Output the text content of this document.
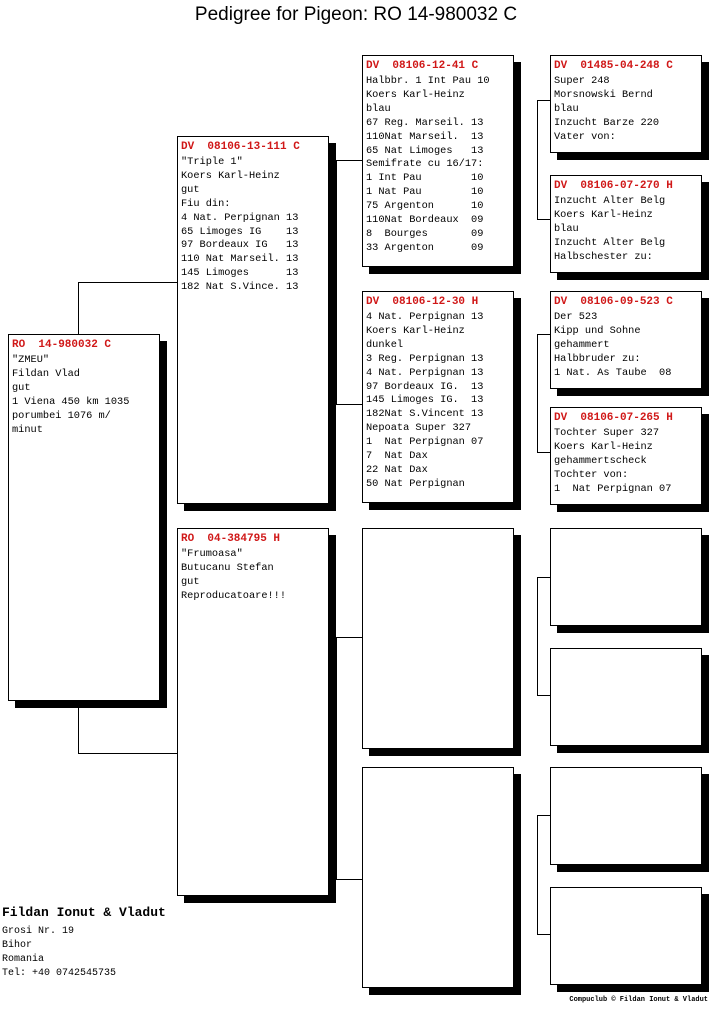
Pedigree for Pigeon: RO 14-980032 C
RO  14-980032 C
"ZMEU"
Fildan Vlad
gut
1 Viena 450 km 1035
porumbei 1076 m/
minut
DV  08106-13-111 C
"Triple 1"
Koers Karl-Heinz
gut
Fiu din:
4 Nat. Perpignan 13
65 Limoges IG    13
97 Bordeaux IG   13
110 Nat Marseil. 13
145 Limoges      13
182 Nat S.Vince. 13
RO  04-384795 H
"Frumoasa"
Butucanu Stefan
gut
Reproducatoare!!!
DV  08106-12-41 C
Halbbr. 1 Int Pau 10
Koers Karl-Heinz
blau
67 Reg. Marseil. 13
110Nat Marseil.  13
65 Nat Limoges   13
Semifrate cu 16/17:
1 Int Pau        10
1 Nat Pau        10
75 Argenton      10
110Nat Bordeaux  09
8  Bourges       09
33 Argenton      09
DV  08106-12-30 H
4 Nat. Perpignan 13
Koers Karl-Heinz
dunkel
3 Reg. Perpignan 13
4 Nat. Perpignan 13
97 Bordeaux IG.  13
145 Limoges IG.  13
182Nat S.Vincent 13
Nepoata Super 327
1  Nat Perpignan 07
7  Nat Dax
22 Nat Dax
50 Nat Perpignan
DV  01485-04-248 C
Super 248
Morsnowski Bernd
blau
Inzucht Barze 220
Vater von:
DV  08106-07-270 H
Inzucht Alter Belg
Koers Karl-Heinz
blau
Inzucht Alter Belg
Halbschester zu:
DV  08106-09-523 C
Der 523
Kipp und Sohne
gehammert
Halbbruder zu:
1 Nat. As Taube  08
DV  08106-07-265 H
Tochter Super 327
Koers Karl-Heinz
gehammertscheck
Tochter von:
1  Nat Perpignan 07
Fildan Ionut & Vladut
Grosi Nr. 19
Bihor
Romania
Tel: +40 0742545735
Compuclub © Fildan Ionut & Vladut
